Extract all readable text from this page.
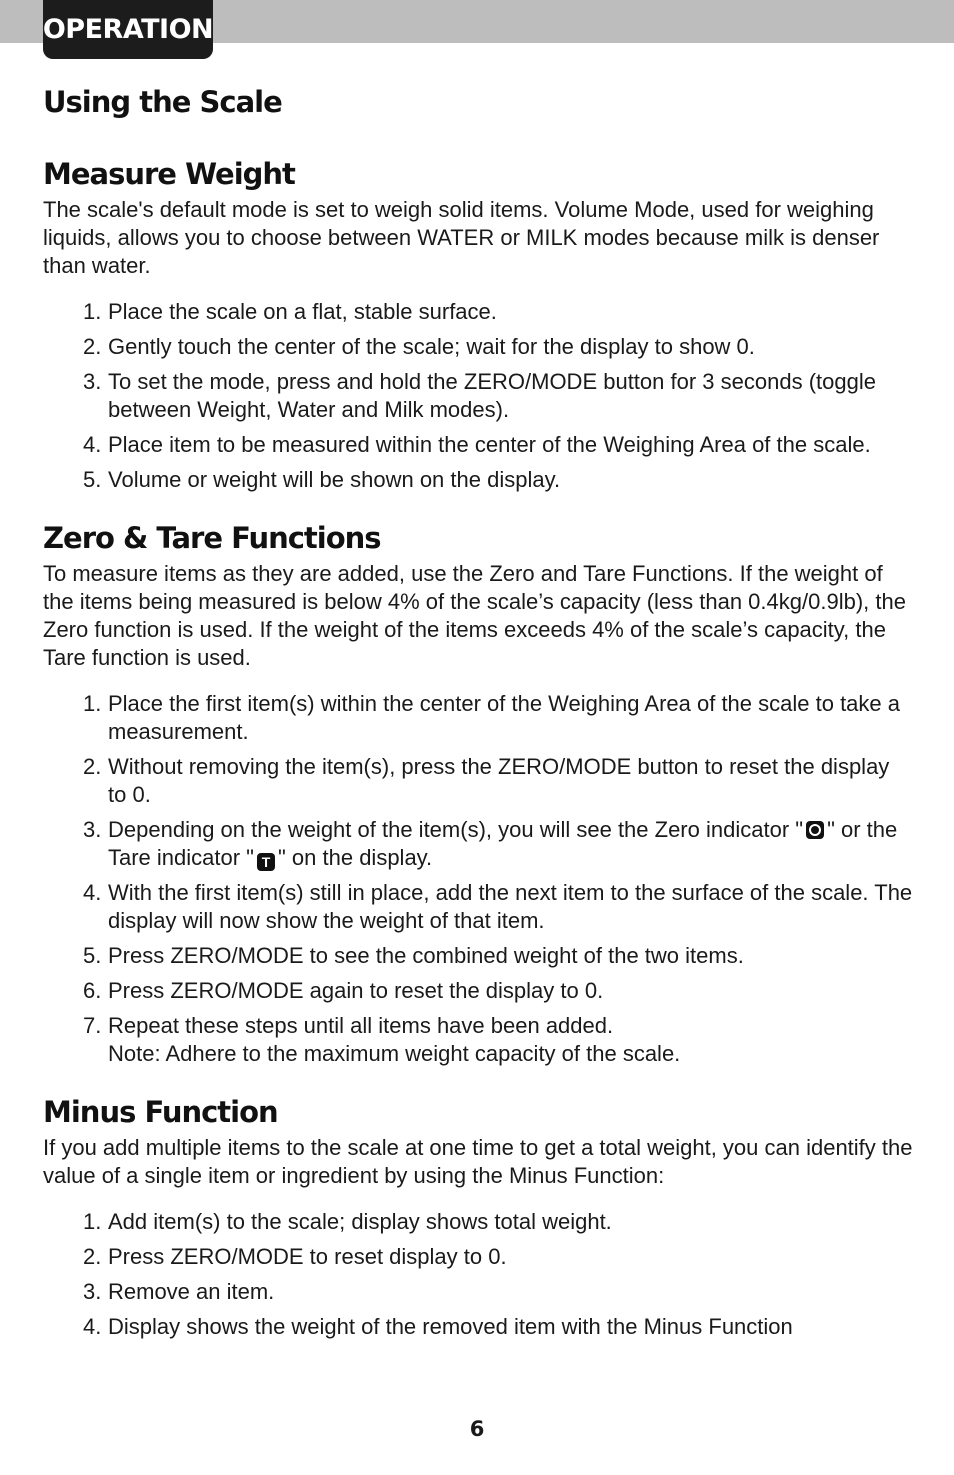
OPERATION
Using the Scale
Measure Weight

The scale's default mode is set to weigh solid items. Volume Mode, used for weighing liquids, allows you to choose between WATER or MILK modes because milk is denser than water.

1. Place the scale on a flat, stable surface.
2. Gently touch the center of the scale; wait for the display to show 0.
3. To set the mode, press and hold the ZERO/MODE button for 3 seconds (toggle between Weight, Water and Milk modes).
4. Place item to be measured within the center of the Weighing Area of the scale.
5. Volume or weight will be shown on the display.
Zero & Tare Functions

To measure items as they are added, use the Zero and Tare Functions. If the weight of the items being measured is below 4% of the scale’s capacity (less than 0.4kg/0.9lb), the Zero function is used. If the weight of the items exceeds 4% of the scale’s capacity, the Tare function is used.

1. Place the first item(s) within the center of the Weighing Area of the scale to take a measurement.
2. Without removing the item(s), press the ZERO/MODE button to reset the display to 0.
3. Depending on the weight of the item(s), you will see the Zero indicator " " or the Tare indicator " T " on the display.
4. With the first item(s) still in place, add the next item to the surface of the scale. The display will now show the weight of that item.
5. Press ZERO/MODE to see the combined weight of the two items.
6. Press ZERO/MODE again to reset the display to 0.
7. Repeat these steps until all items have been added.
Note: Adhere to the maximum weight capacity of the scale.
Minus Function

If you add multiple items to the scale at one time to get a total weight, you can identify the value of a single item or ingredient by using the Minus Function:

1. Add item(s) to the scale; display shows total weight.
2. Press ZERO/MODE to reset display to 0.
3. Remove an item.
4. Display shows the weight of the removed item with the Minus Function
6
